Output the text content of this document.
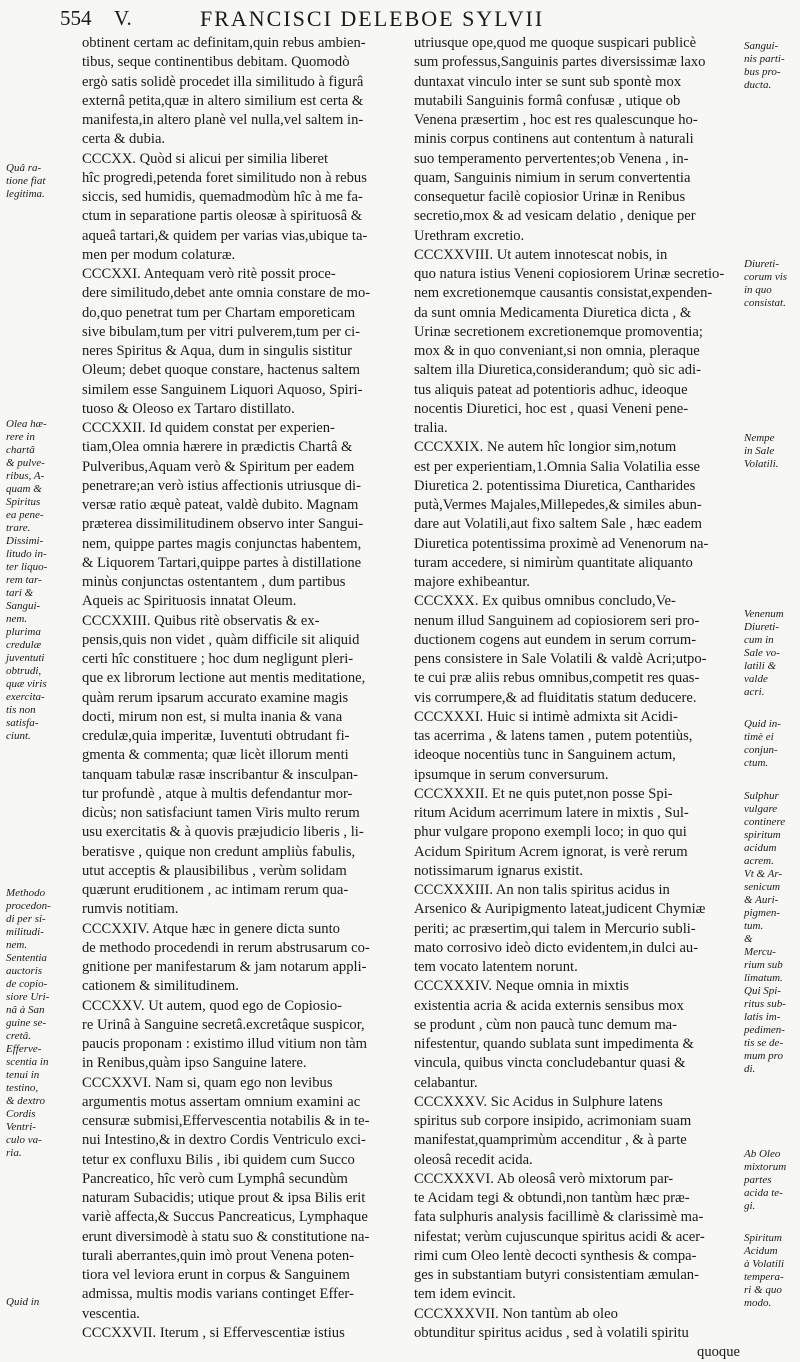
554 V.	FRANCISCI DELEBOE SYLVII
obtinent certam ac definitam,quin rebus ambien-
tibus, seque continentibus debitam. Quomodò
ergò satis solidè procedet illa similitudo à figurâ
externâ petita,quæ in altero similium est certa &
manifesta,in altero planè vel nulla,vel saltem in-
certa & dubia.
CCCXX. Quòd si alicui per similia liberet
hîc progredi,petenda foret similitudo non à rebus
siccis, sed humidis, quemadmodùm hîc à me fa-
ctum in separatione partis oleosæ à spirituosâ &
aqueâ tartari,& quidem per varias vias,ubique ta-
men per modum colaturæ.
CCCXXI. Antequam verò ritè possit proce-
dere similitudo,debet ante omnia constare de mo-
do,quo penetrat tum per Chartam emporeticam
sive bibulam,tum per vitri pulverem,tum per ci-
neres Spiritus & Aqua, dum in singulis sistitur
Oleum; debet quoque constare, hactenus saltem
similem esse Sanguinem Liquori Aquoso, Spiri-
tuoso & Oleoso ex Tartaro distillato.
CCCXXII. Id quidem constat per experien-
tiam,Olea omnia hærere in prædictis Chartâ &
Pulveribus,Aquam verò & Spiritum per eadem
penetrare;an verò istius affectionis utriusque di-
versæ ratio æquè pateat, valdè dubito. Magnam
præterea dissimilitudinem observo inter Sangui-
nem, quippe partes magis conjunctas habentem,
& Liquorem Tartari,quippe partes à distillatione
minùs conjunctas ostentantem , dum partibus
Aqueis ac Spirituosis innatat Oleum.
CCCXXIII. Quibus ritè observatis & ex-
pensis,quis non videt , quàm difficile sit aliquid
certi hîc constituere ; hoc dum negligunt pleri-
que ex librorum lectione aut mentis meditatione,
quàm rerum ipsarum accurato examine magis
docti, mirum non est, si multa inania & vana
credulæ,quia imperitæ, Iuventuti obtrudant fi-
gmenta & commenta; quæ licèt illorum menti
tanquam tabulæ rasæ inscribantur & insculpan-
tur profundè , atque à multis defendantur mor-
dicùs; non satisfaciunt tamen Viris multo rerum
usu exercitatis & à quovis præjudicio liberis , li-
beratisve , quique non credunt ampliùs fabulis,
utut acceptis & plausibilibus , verùm solidam
quærunt eruditionem , ac intimam rerum qua-
rumvis notitiam.
CCCXXIV. Atque hæc in genere dicta sunto
de methodo procedendi in rerum abstrusarum co-
gnitione per manifestarum & jam notarum appli-
cationem & similitudinem.
CCCXXV. Ut autem, quod ego de Copiosio-
re Urinâ à Sanguine secretâ.excretâque suspicor,
paucis proponam : existimo illud vitium non tàm
in Renibus,quàm ipso Sanguine latere.
CCCXXVI. Nam si, quam ego non levibus
argumentis motus assertam omnium examini ac
censuræ submisi,Effervescentia notabilis & in te-
nui Intestino,& in dextro Cordis Ventriculo exci-
tetur ex confluxu Bilis , ibi quidem cum Succo
Pancreatico, hîc verò cum Lymphâ secundùm
naturam Subacidis; utique prout & ipsa Bilis erit
variè affecta,& Succus Pancreaticus, Lymphaque
erunt diversimodè à statu suo & constitutione na-
turali aberrantes,quin imò prout Venena poten-
tiora vel leviora erunt in corpus & Sanguinem
admissa, multis modis varians continget Effer-
vescentia.
CCCXXVII. Iterum , si Effervescentiæ istius
utriusque ope,quod me quoque suspicari publicè
sum professus,Sanguinis partes diversissimæ laxo
duntaxat vinculo inter se sunt sub spontè mox
mutabili Sanguinis formâ confusæ , utique ob
Venena præsertim , hoc est res qualescunque ho-
minis corpus continens aut contentum à naturali
suo temperamento pervertentes;ob Venena , in-
quam, Sanguinis nimium in serum convertentia
consequetur facilè copiosior Urinæ in Renibus
secretio,mox & ad vesicam delatio , denique per
Urethram excretio.
CCCXXVIII. Ut autem innotescat nobis, in
quo natura istius Veneni copiosiorem Urinæ secretio-
nem excretionemque causantis consistat,expenden-
da sunt omnia Medicamenta Diuretica dicta , &
Urinæ secretionem excretionemque promoventia;
mox & in quo conveniant,si non omnia, pleraque
saltem illa Diuretica,considerandum; quò sic adi-
tus aliquis pateat ad potentioris adhuc, ideoque
nocentis Diuretici, hoc est , quasi Veneni pene-
tralia.
CCCXXIX. Ne autem hîc longior sim,notum
est per experientiam,1.Omnia Salia Volatilia esse
Diuretica 2. potentissima Diuretica, Cantharides
putà,Vermes Majales,Millepedes,& similes abun-
dare aut Volatili,aut fixo saltem Sale , hæc eadem
Diuretica potentissima proximè ad Venenorum na-
turam accedere, si nimirùm quantitate aliquanto
majore exhibeantur.
CCCXXX. Ex quibus omnibus concludo,Ve-
nenum illud Sanguinem ad copiosiorem seri pro-
ductionem cogens aut eundem in serum corrum-
pens consistere in Sale Volatili & valdè Acri;utpo-
te cui præ aliis rebus omnibus,competit res quas-
vis corrumpere,& ad fluiditatis statum deducere.
CCCXXXI. Huic si intimè admixta sit Acidi-
tas acerrima , & latens tamen , putem potentiùs,
ideoque nocentiùs tunc in Sanguinem actum,
ipsumque in serum conversurum.
CCCXXXII. Et ne quis putet,non posse Spi-
ritum Acidum acerrimum latere in mixtis , Sul-
phur vulgare propono exempli loco; in quo qui
Acidum Spiritum Acrem ignorat, is verè rerum
notissimarum ignarus existit.
CCCXXXIII. An non talis spiritus acidus in
Arsenico & Auripigmento lateat,judicent Chymiæ
periti; ac præsertim,qui talem in Mercurio subli-
mato corrosivo ideò dicto evidentem,in dulci au-
tem vocato latentem norunt.
CCCXXXIV. Neque omnia in mixtis
existentia acria & acida externis sensibus mox
se produnt , cùm non paucà tunc demum ma-
nifestentur, quando sublata sunt impedimenta &
vincula, quibus vincta concludebantur quasi &
celabantur.
CCCXXXV. Sic Acidus in Sulphure latens
spiritus sub corpore insipido, acrimoniam suam
manifestat,quamprimùm accenditur , & à parte
oleosâ recedit acida.
CCCXXXVI. Ab oleosâ verò mixtorum par-
te Acidam tegi & obtundi,non tantùm hæc præ-
fata sulphuris analysis facillimè & clarissimè ma-
nifestat; verùm cujuscunque spiritus acidi & acer-
rimi cum Oleo lentè decocti synthesis & compa-
ges in substantiam butyri consistentiam æmulan-
tem idem evincit.
CCCXXXVII. Non tantùm ab oleo
obtunditur spiritus acidus , sed à volatili spiritu
quoque
Quâ ra-
tione fiat
legitima.
Olea hæ-
rere in
chartâ
& pulve-
ribus, A-
quam &
Spiritus
ea pene-
trare.
Dissimi-
litudo in-
ter liquo-
rem tar-
tari &
Sangui-
nem.
plurima
credulæ
juventuti
obtrudi,
quæ viris
exercita-
tis non
satisfa-
ciunt.
Methodo
procedon-
di per si-
militudi-
nem.
Sententia
auctoris
de copio-
siore Uri-
nâ à San
guine se-
cretâ.
Efferve-
scentia in
tenui in
testino,
& dextro
Cordis
Ventri-
culo va-
ria.
Quid in
Sangui-
nis parti-
bus pro-
ducta.
Diureti-
corum vis
in quo
consistat.
Nempe
in Sale
Volatili.
Venenum
Diureti-
cum in
Sale vo-
latili &
valde
acri.
Quid in-
timè ei
conjun-
ctum.
Sulphur
vulgare
continere
spiritum
acidum
acrem.
Vt & Ar-
senicum
& Auri-
pigmen-
tum.
&
Mercu-
rium sub
limatum.
Qui Spi-
ritus sub-
latis im-
pedimen-
tis se de-
mum pro
di.
Ab Oleo
mixtorum
partes
acida te-
gi.
Spiritum
Acidum
à Volatili
tempera-
ri & quo
modo.
